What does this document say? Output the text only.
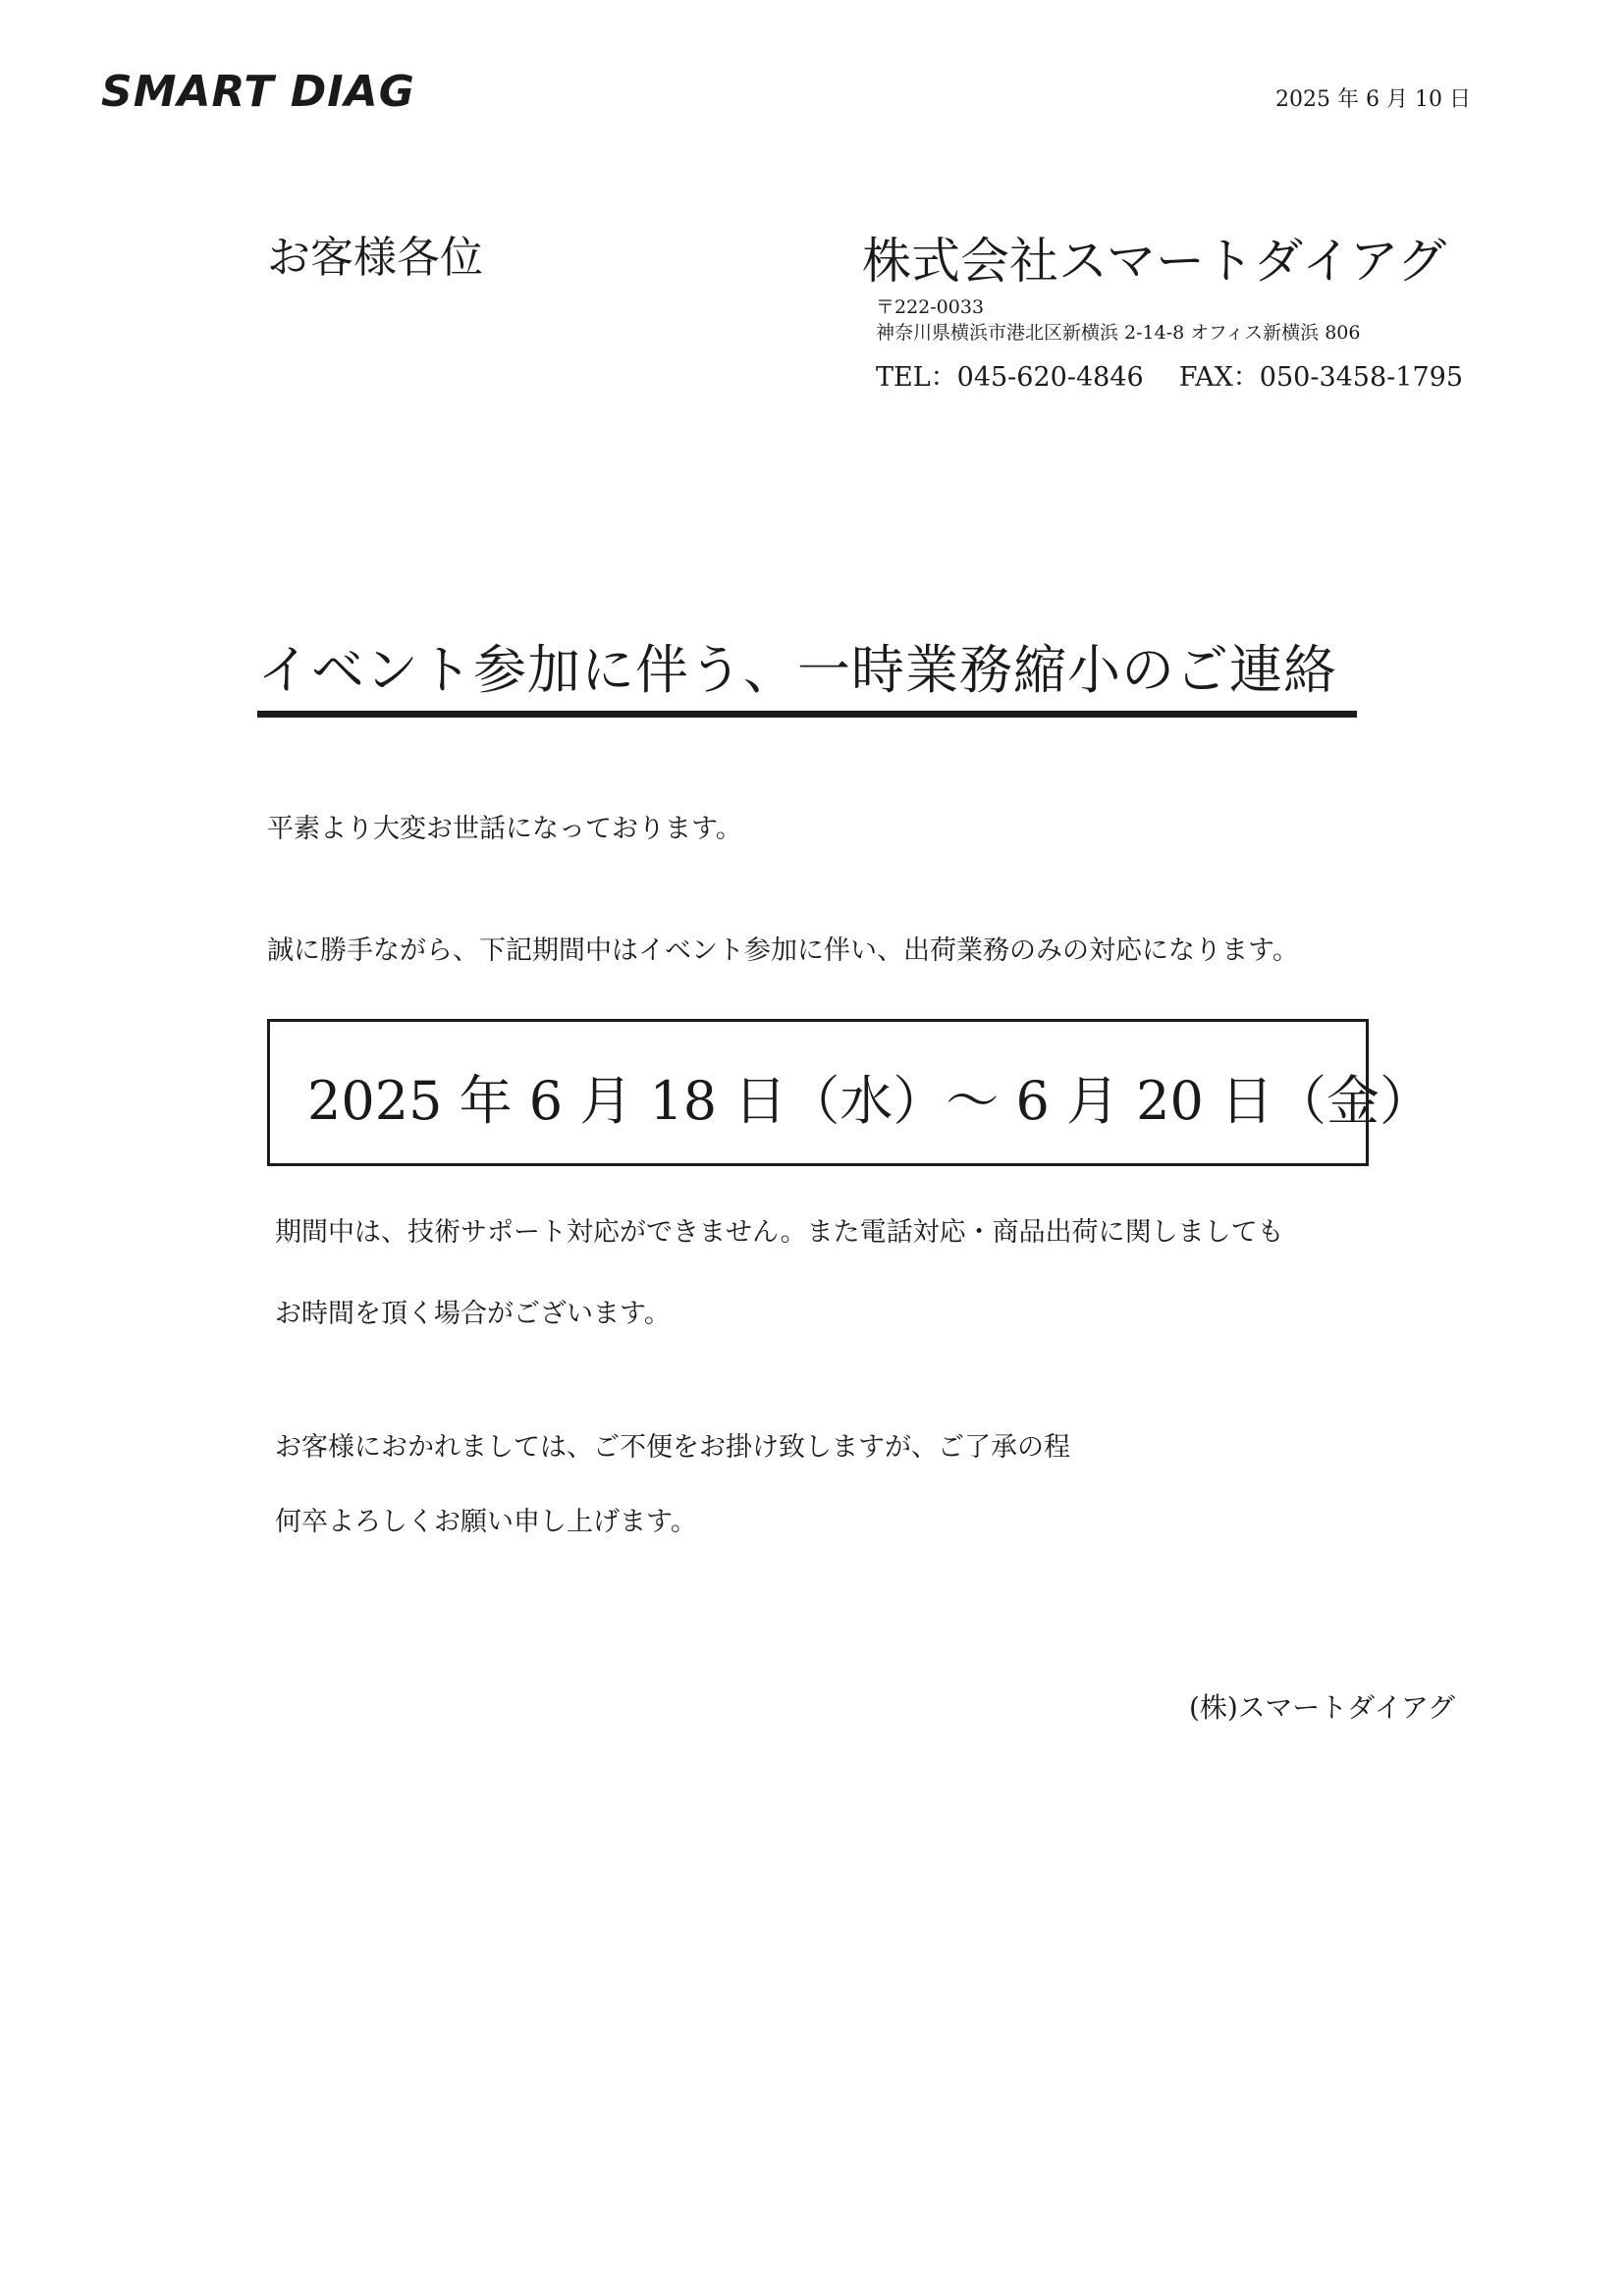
SMART DIAG	2025 年 6 月 10 日
お客様各位	株式会社スマートダイアグ
〒222-0033
神奈川県横浜市港北区新横浜 2-14-8 オフィス新横浜 806
TEL：045-620-4846 FAX：050-3458-1795
イベント参加に伴う、一時業務縮小のご連絡
平素より大変お世話になっております。
誠に勝手ながら、下記期間中はイベント参加に伴い、出荷業務のみの対応になります。
2025 年 6 月 18 日（水）～ 6 月 20 日（金）
期間中は、技術サポート対応ができません。また電話対応・商品出荷に関しましても
お時間を頂く場合がございます。
お客様におかれましては、ご不便をお掛け致しますが、ご了承の程
何卒よろしくお願い申し上げます。
(株)スマートダイアグ
